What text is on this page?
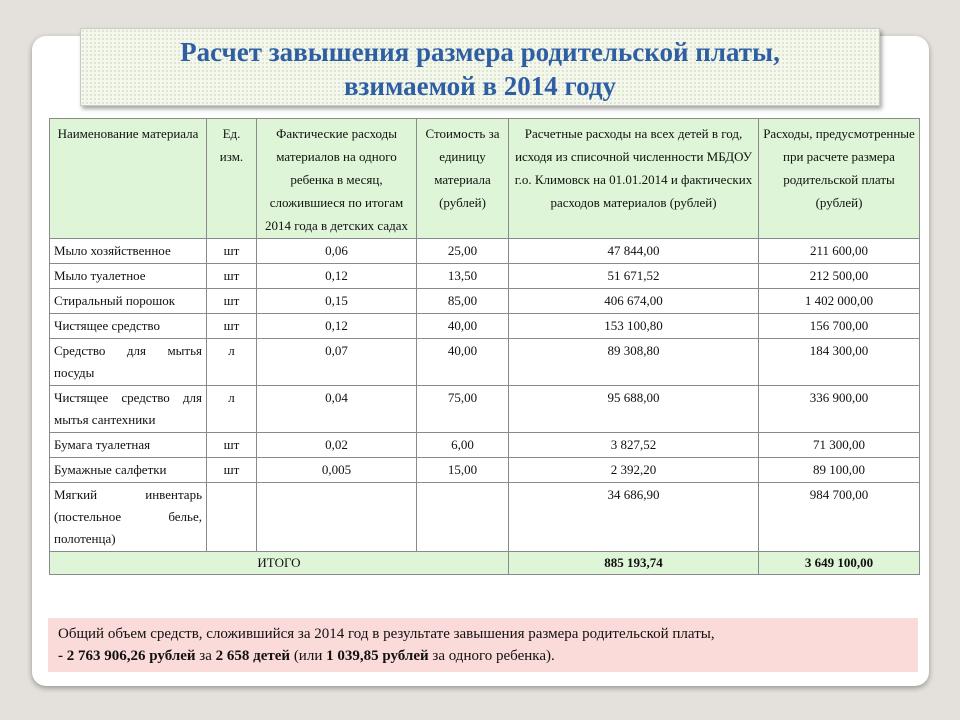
Расчет завышения размера родительской платы,
взимаемой в 2014 году
Наименование материала	Ед. изм.	Фактические расходы материалов на одного ребенка в месяц, сложившиеся по итогам 2014 года в детских садах	Стоимость за единицу материала (рублей)	Расчетные расходы на всех детей в год, исходя из списочной численности МБДОУ г.о. Климовск на 01.01.2014 и фактических расходов материалов (рублей)	Расходы, предусмотренные при расчете размера родительской платы (рублей)
Мыло хозяйственное	шт	0,06	25,00	47 844,00	211 600,00
Мыло туалетное	шт	0,12	13,50	51 671,52	212 500,00
Стиральный порошок	шт	0,15	85,00	406 674,00	1 402 000,00
Чистящее средство	шт	0,12	40,00	153 100,80	156 700,00
Средство для мытья посуды	л	0,07	40,00	89 308,80	184 300,00
Чистящее средство для мытья сантехники	л	0,04	75,00	95 688,00	336 900,00
Бумага туалетная	шт	0,02	6,00	3 827,52	71 300,00
Бумажные салфетки	шт	0,005	15,00	2 392,20	89 100,00
Мягкий инвентарь (постельное белье, полотенца)				34 686,90	984 700,00
ИТОГО				885 193,74	3 649 100,00
Общий объем средств, сложившийся за 2014 год в результате завышения размера родительской платы,
- 2 763 906,26 рублей за 2 658 детей (или 1 039,85 рублей за одного ребенка).
